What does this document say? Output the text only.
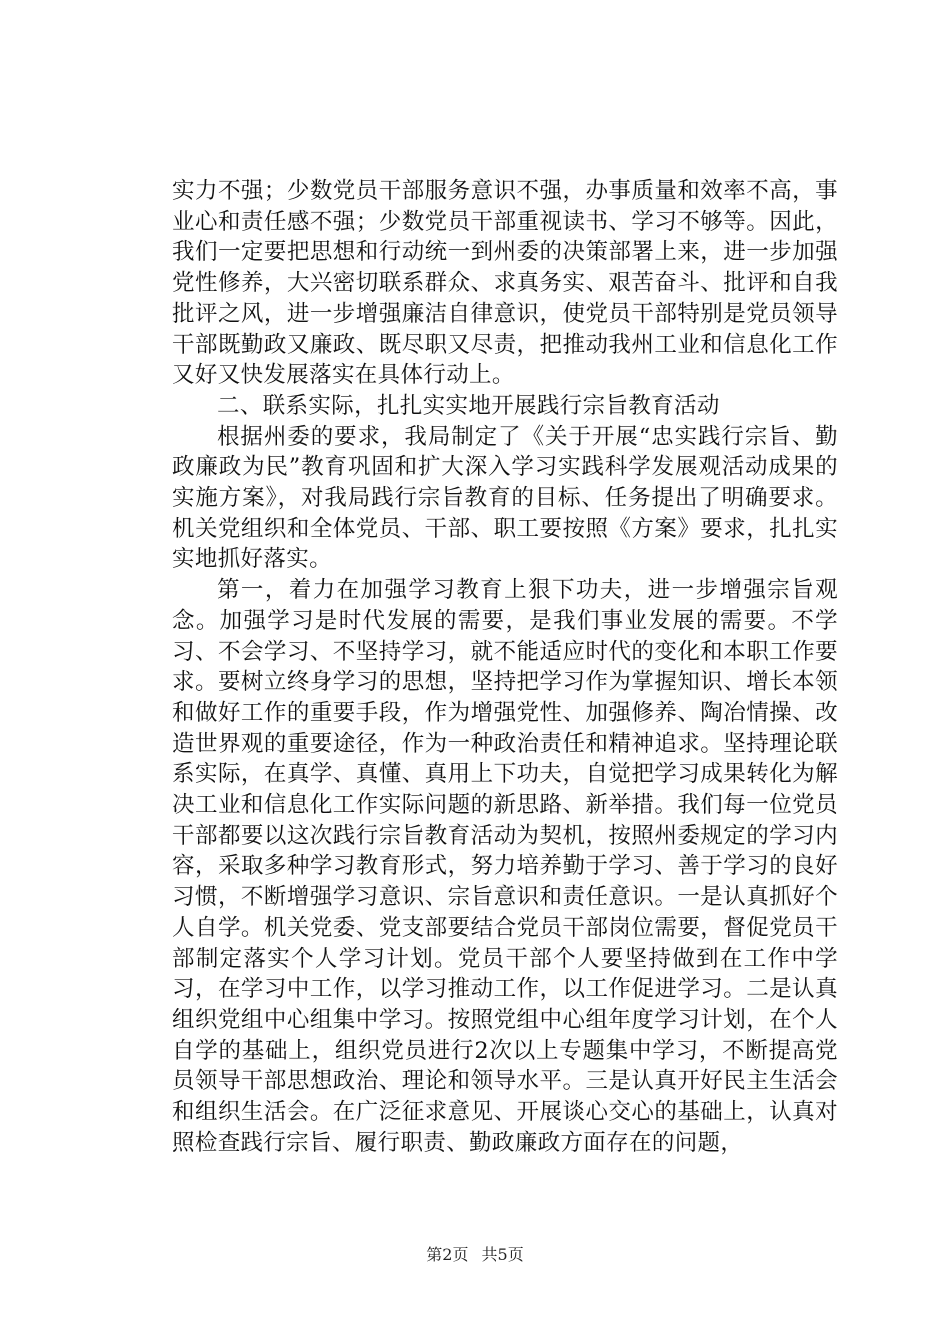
实力不强；少数党员干部服务意识不强，办事质量和效率不高，事业心和责任感不强；少数党员干部重视读书、学习不够等。因此，我们一定要把思想和行动统一到州委的决策部署上来，进一步加强党性修养，大兴密切联系群众、求真务实、艰苦奋斗、批评和自我批评之风，进一步增强廉洁自律意识，使党员干部特别是党员领导干部既勤政又廉政、既尽职又尽责，把推动我州工业和信息化工作又好又快发展落实在具体行动上。

二、联系实际，扎扎实实地开展践行宗旨教育活动

根据州委的要求，我局制定了《关于开展“忠实践行宗旨、勤政廉政为民”教育巩固和扩大深入学习实践科学发展观活动成果的实施方案》，对我局践行宗旨教育的目标、任务提出了明确要求。机关党组织和全体党员、干部、职工要按照《方案》要求，扎扎实实地抓好落实。

第一，着力在加强学习教育上狠下功夫，进一步增强宗旨观念。加强学习是时代发展的需要，是我们事业发展的需要。不学习、不会学习、不坚持学习，就不能适应时代的变化和本职工作要求。要树立终身学习的思想，坚持把学习作为掌握知识、增长本领和做好工作的重要手段，作为增强党性、加强修养、陶冶情操、改造世界观的重要途径，作为一种政治责任和精神追求。坚持理论联系实际，在真学、真懂、真用上下功夫，自觉把学习成果转化为解决工业和信息化工作实际问题的新思路、新举措。我们每一位党员干部都要以这次践行宗旨教育活动为契机，按照州委规定的学习内容，采取多种学习教育形式，努力培养勤于学习、善于学习的良好习惯，不断增强学习意识、宗旨意识和责任意识。一是认真抓好个人自学。机关党委、党支部要结合党员干部岗位需要，督促党员干部制定落实个人学习计划。党员干部个人要坚持做到在工作中学习，在学习中工作，以学习推动工作，以工作促进学习。二是认真组织党组中心组集中学习。按照党组中心组年度学习计划，在个人自学的基础上，组织党员进行2次以上专题集中学习，不断提高党员领导干部思想政治、理论和领导水平。三是认真开好民主生活会和组织生活会。在广泛征求意见、开展谈心交心的基础上，认真对照检查践行宗旨、履行职责、勤政廉政方面存在的问题，

第2页 共5页
